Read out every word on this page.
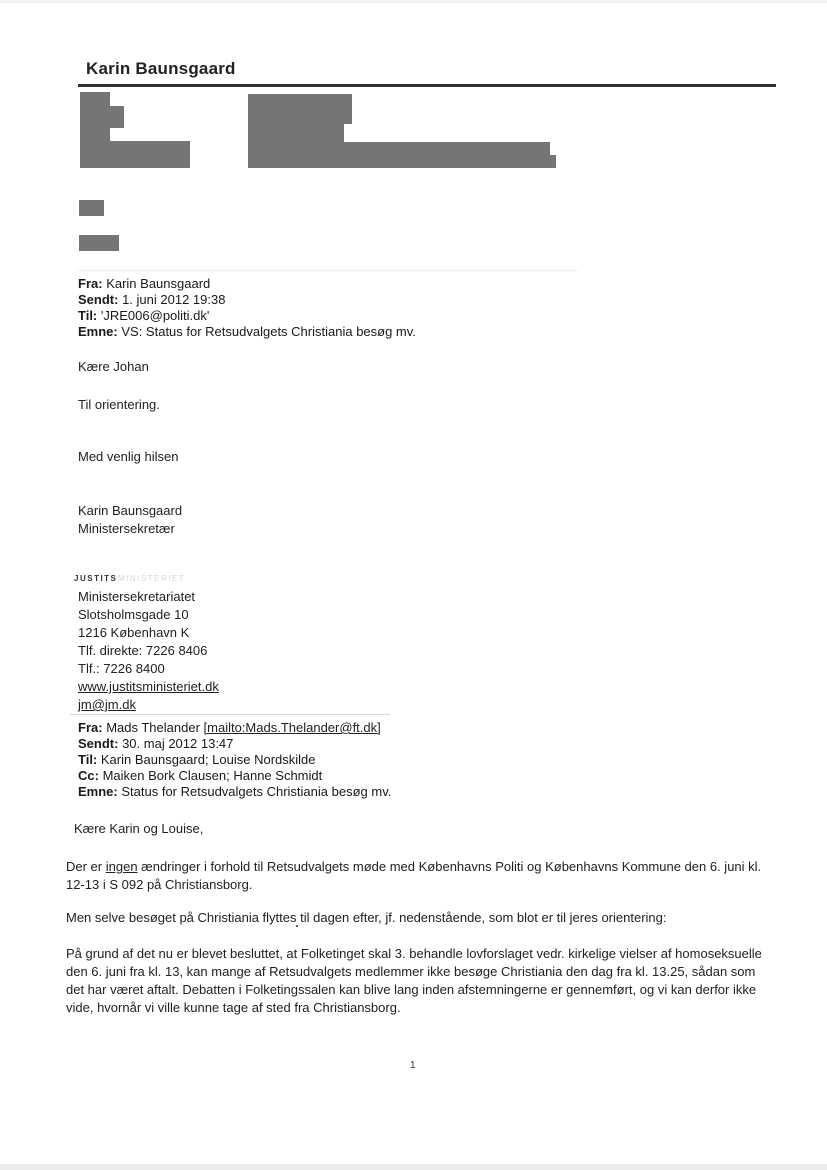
Karin Baunsgaard
Fra: Karin Baunsgaard
Sendt: 1. juni 2012 19:38
Til: 'JRE006@politi.dk'
Emne: VS: Status for Retsudvalgets Christiania besøg mv.
Kære Johan
Til orientering.
Med venlig hilsen
Karin Baunsgaard
Ministersekretær
JUSTITS MINISTERIET
Ministersekretariatet
Slotsholmsgade 10
1216 København K
Tlf. direkte: 7226 8406
Tlf.: 7226 8400
www.justitsministeriet.dk
jm@jm.dk
Fra: Mads Thelander [mailto:Mads.Thelander@ft.dk]
Sendt: 30. maj 2012 13:47
Til: Karin Baunsgaard; Louise Nordskilde
Cc: Maiken Bork Clausen; Hanne Schmidt
Emne: Status for Retsudvalgets Christiania besøg mv.
Kære Karin og Louise,
Der er ingen ændringer i forhold til Retsudvalgets møde med Københavns Politi og Københavns Kommune den 6. juni kl. 12-13 i S 092 på Christiansborg.
Men selve besøget på Christiania flyttes til dagen efter, jf. nedenstående, som blot er til jeres orientering:
På grund af det nu er blevet besluttet, at Folketinget skal 3. behandle lovforslaget vedr. kirkelige vielser af homoseksuelle den 6. juni fra kl. 13, kan mange af Retsudvalgets medlemmer ikke besøge Christiania den dag fra kl. 13.25, sådan som det har været aftalt. Debatten i Folketingssalen kan blive lang inden afstemningerne er gennemført, og vi kan derfor ikke vide, hvornår vi ville kunne tage af sted fra Christiansborg.
1
